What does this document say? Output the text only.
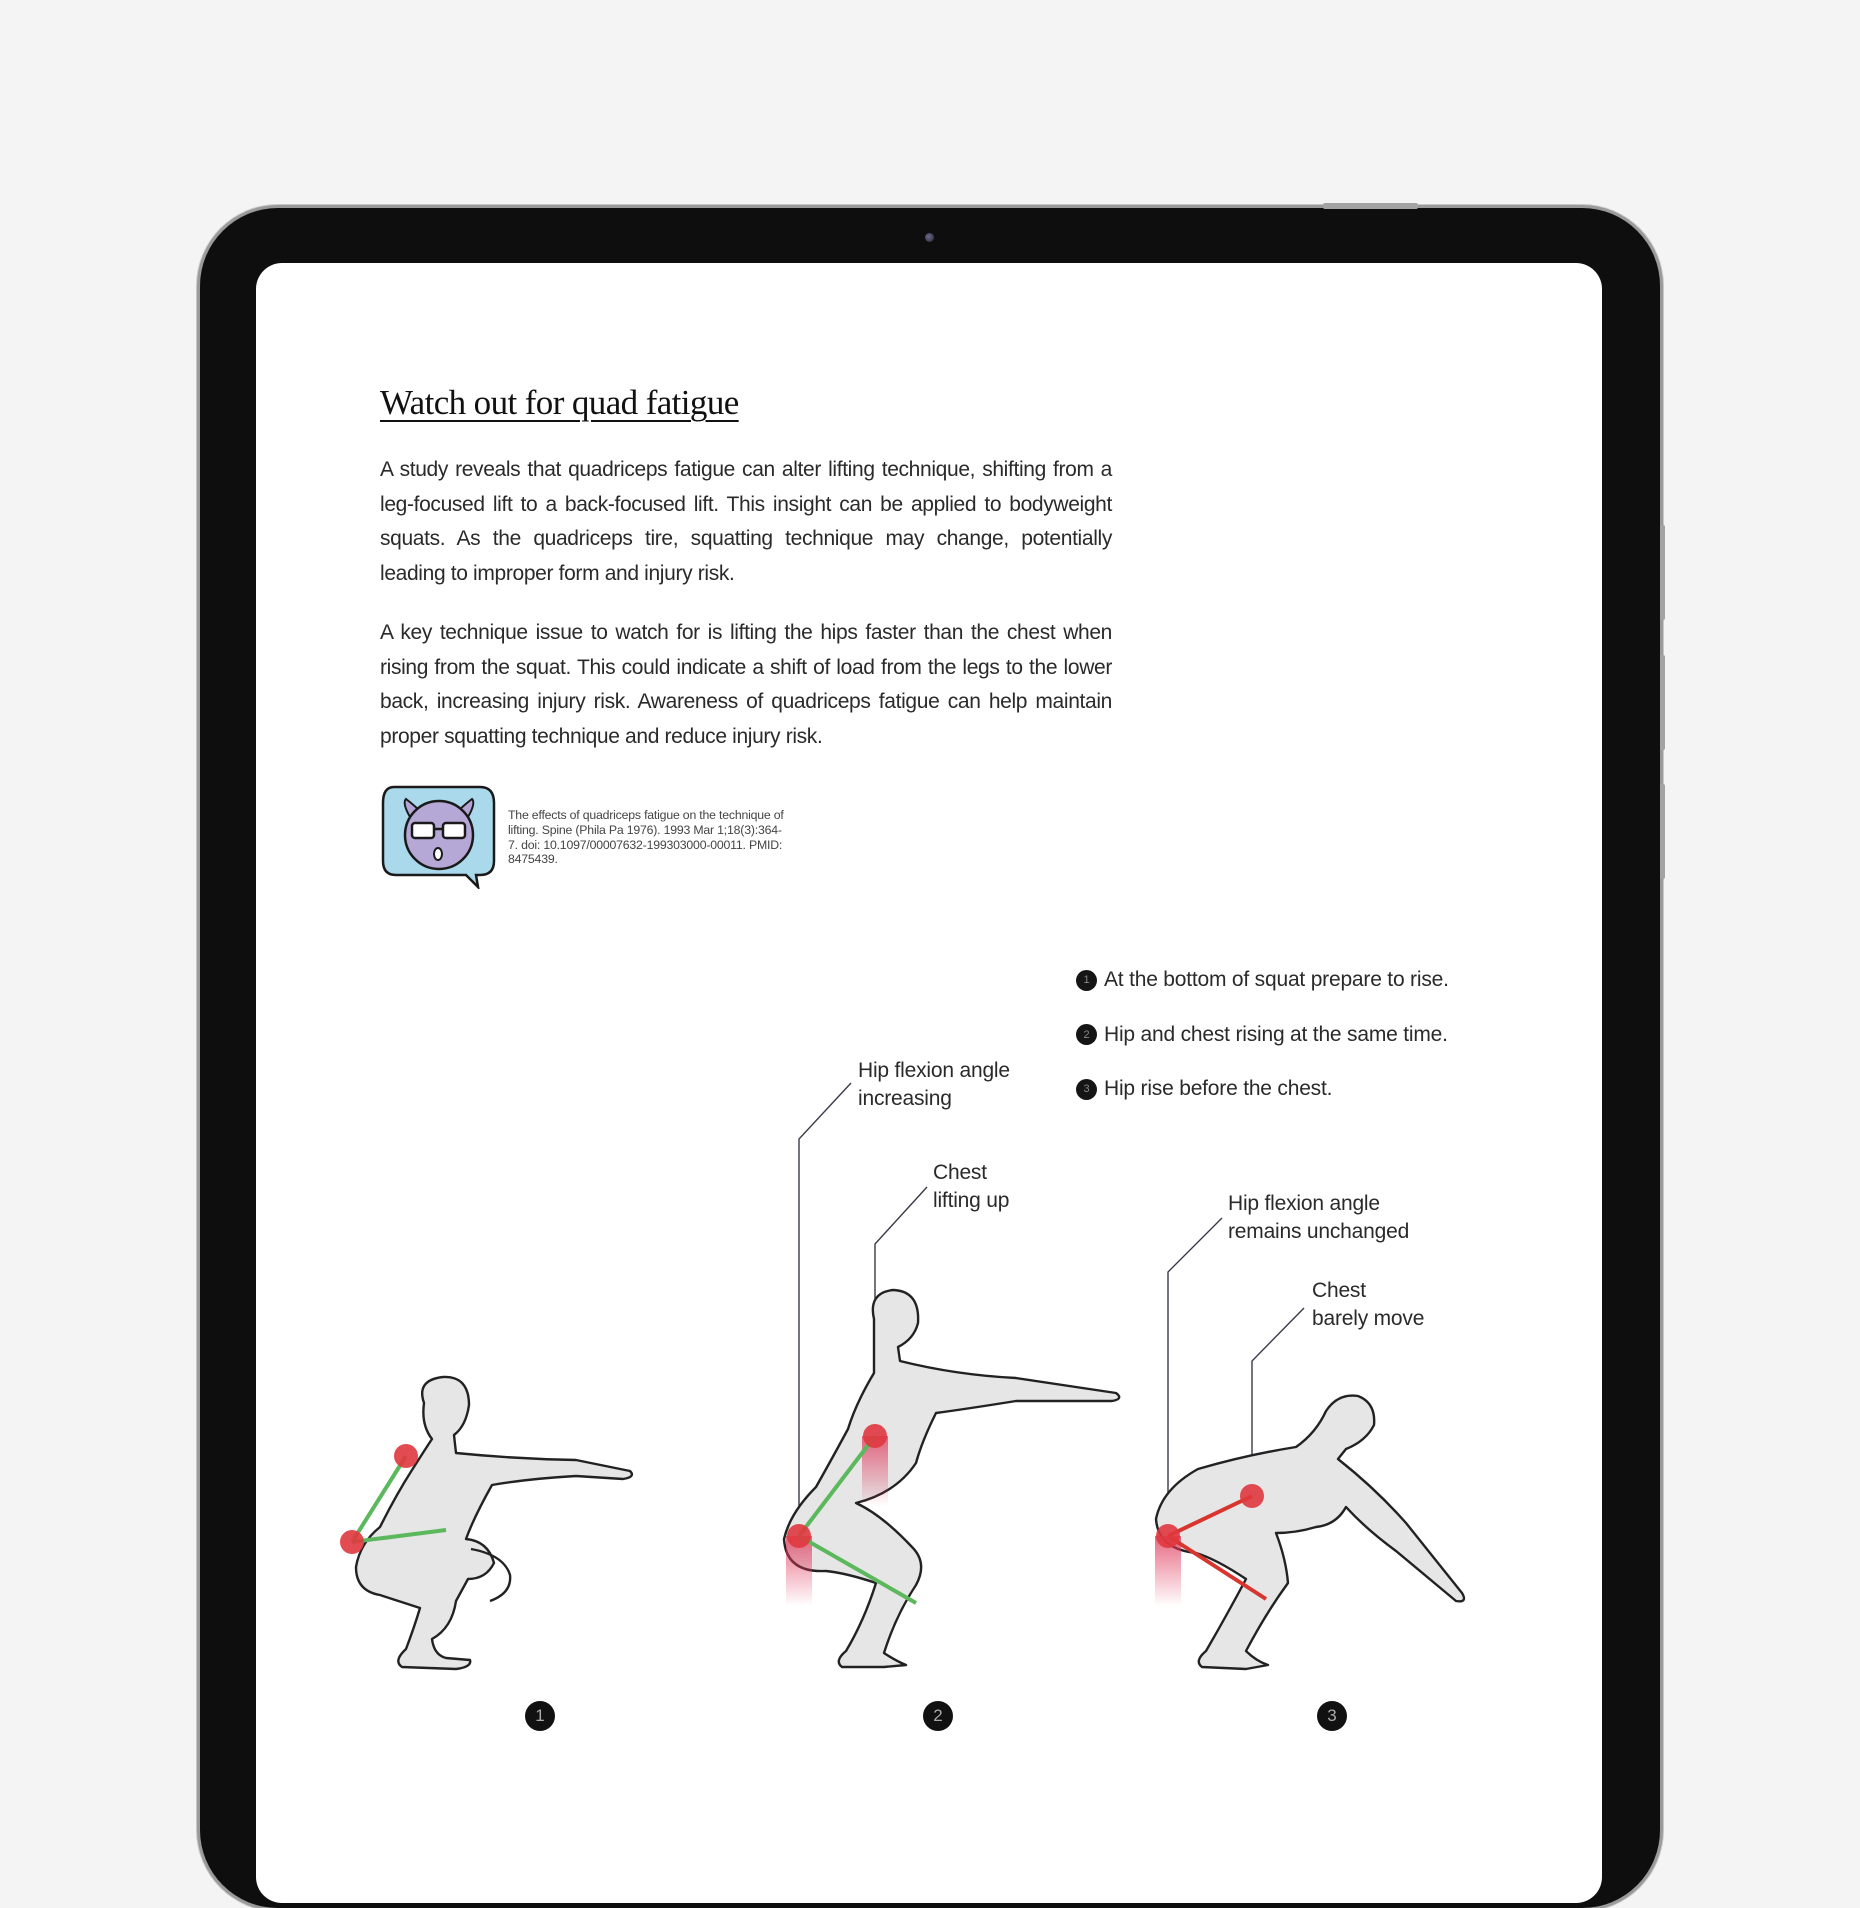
Watch out for quad fatigue

A study reveals that quadriceps fatigue can alter lifting technique, shifting from a leg-focused lift to a back-focused lift. This insight can be applied to bodyweight squats. As the quadriceps tire, squatting technique may change, potentially leading to improper form and injury risk.

A key technique issue to watch for is lifting the hips faster than the chest when rising from the squat. This could indicate a shift of load from the legs to the lower back, increasing injury risk. Awareness of quadriceps fatigue can help maintain proper squatting technique and reduce injury risk.

The effects of quadriceps fatigue on the technique of lifting. Spine (Phila Pa 1976). 1993 Mar 1;18(3):364-7. doi: 10.1097/00007632-199303000-00011. PMID: 8475439.
1 At the bottom of squat prepare to rise.
2 Hip and chest rising at the same time.
3 Hip rise before the chest.
Hip flexion angle
increasing
Chest
lifting up	Hip flexion angle
remains unchanged
Chest
barely move
1	2	3
